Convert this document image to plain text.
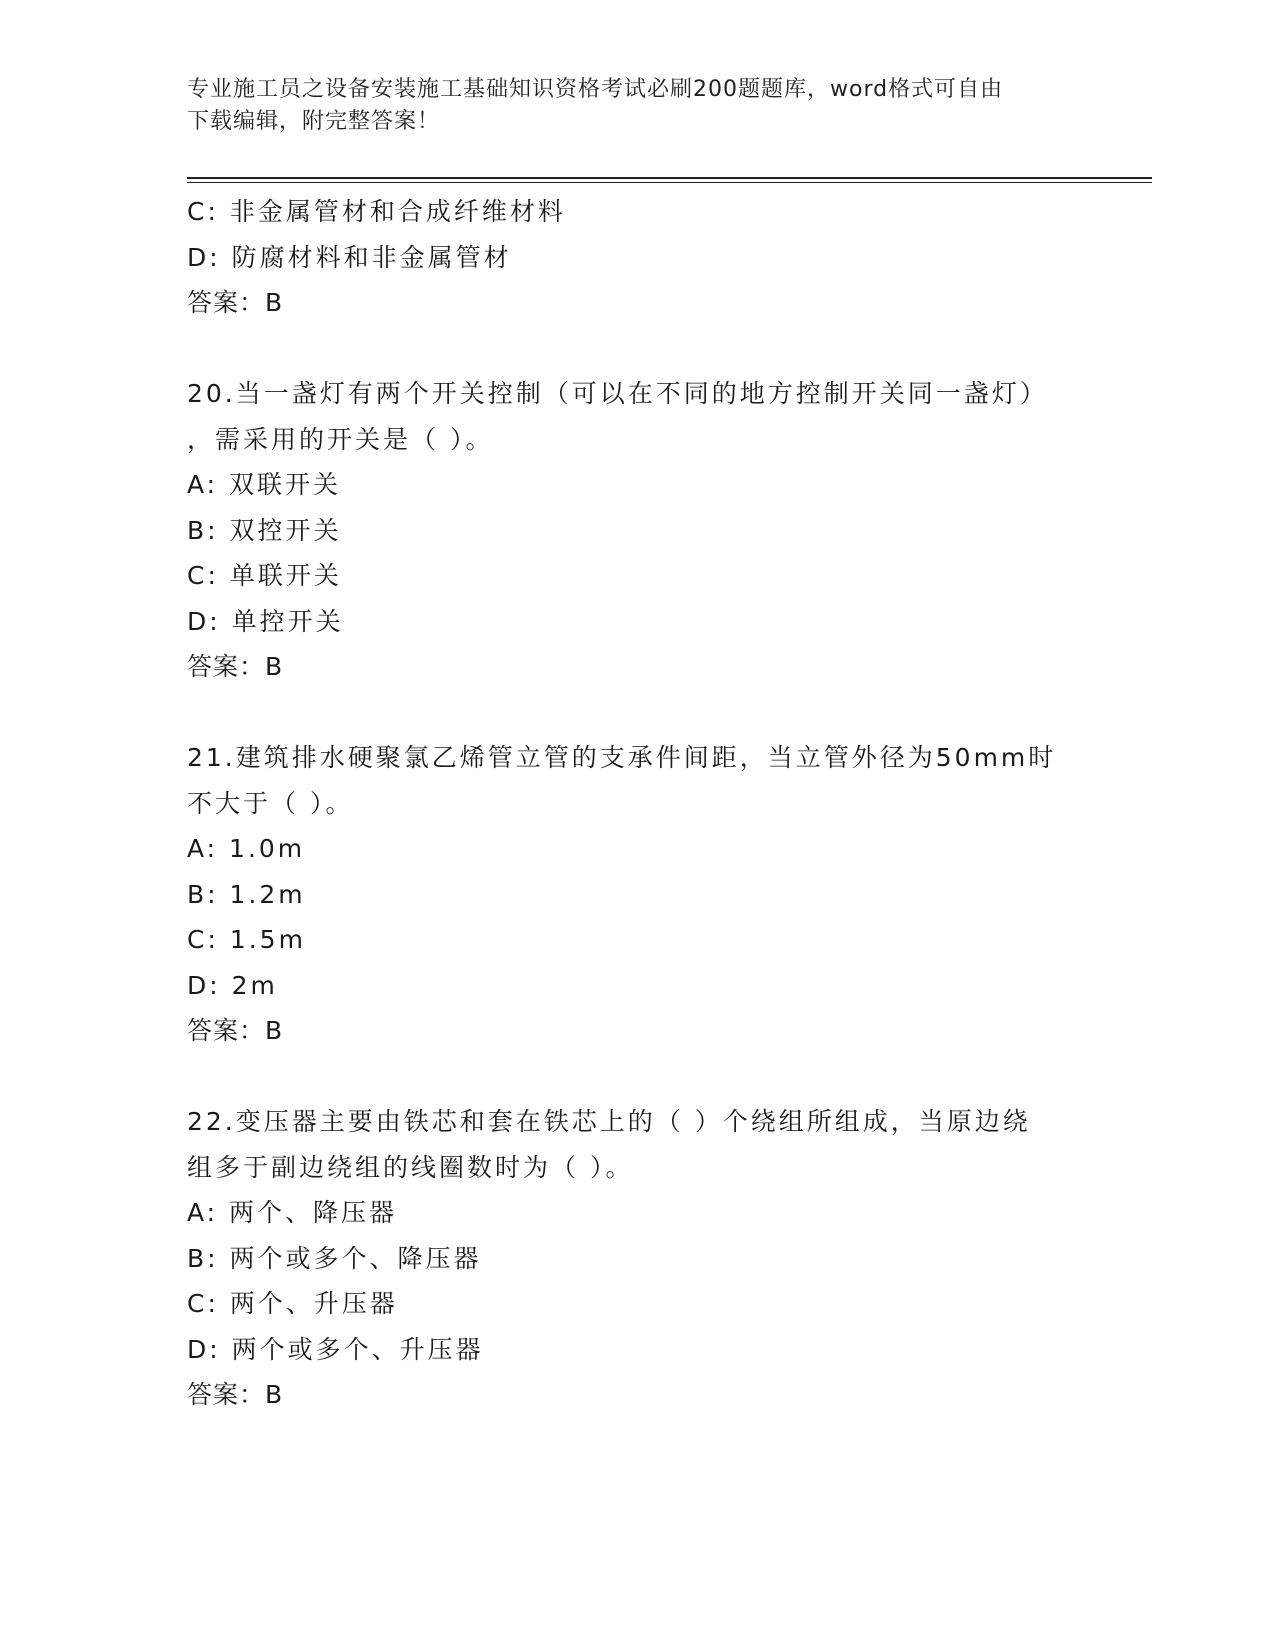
专业施工员之设备安装施工基础知识资格考试必刷200题题库，word格式可自由
下载编辑，附完整答案！
C: 非金属管材和合成纤维材料
D: 防腐材料和非金属管材
答案：B
20.当一盏灯有两个开关控制（可以在不同的地方控制开关同一盏灯）
，需采用的开关是（ ）。
A: 双联开关
B: 双控开关
C: 单联开关
D: 单控开关
答案：B
21.建筑排水硬聚氯乙烯管立管的支承件间距，当立管外径为50mm时
不大于（ ）。
A: 1.0m
B: 1.2m
C: 1.5m
D: 2m
答案：B
22.变压器主要由铁芯和套在铁芯上的（ ）个绕组所组成，当原边绕
组多于副边绕组的线圈数时为（ ）。
A: 两个、降压器
B: 两个或多个、降压器
C: 两个、升压器
D: 两个或多个、升压器
答案：B
